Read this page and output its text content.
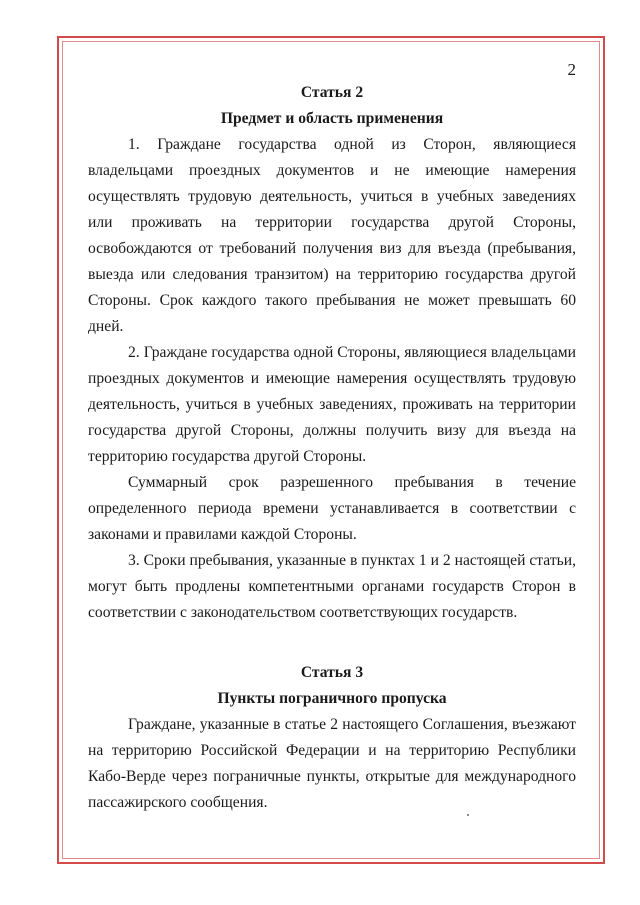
2
Статья 2
Предмет и область применения

1. Граждане государства одной из Сторон, являющиеся владельцами проездных документов и не имеющие намерения осуществлять трудовую деятельность, учиться в учебных заведениях или проживать на территории государства другой Стороны, освобождаются от требований получения виз для въезда (пребывания, выезда или следования транзитом) на территорию государства другой Стороны. Срок каждого такого пребывания не может превышать 60 дней.

2. Граждане государства одной Стороны, являющиеся владельцами проездных документов и имеющие намерения осуществлять трудовую деятельность, учиться в учебных заведениях, проживать на территории государства другой Стороны, должны получить визу для въезда на территорию государства другой Стороны.

Суммарный срок разрешенного пребывания в течение определенного периода времени устанавливается в соответствии с законами и правилами каждой Стороны.

3. Сроки пребывания, указанные в пунктах 1 и 2 настоящей статьи, могут быть продлены компетентными органами государств Сторон в соответствии с законодательством соответствующих государств.

Статья 3
Пункты пограничного пропуска

Граждане, указанные в статье 2 настоящего Соглашения, въезжают на территорию Российской Федерации и на территорию Республики Кабо-Верде через пограничные пункты, открытые для международного пассажирского сообщения.
